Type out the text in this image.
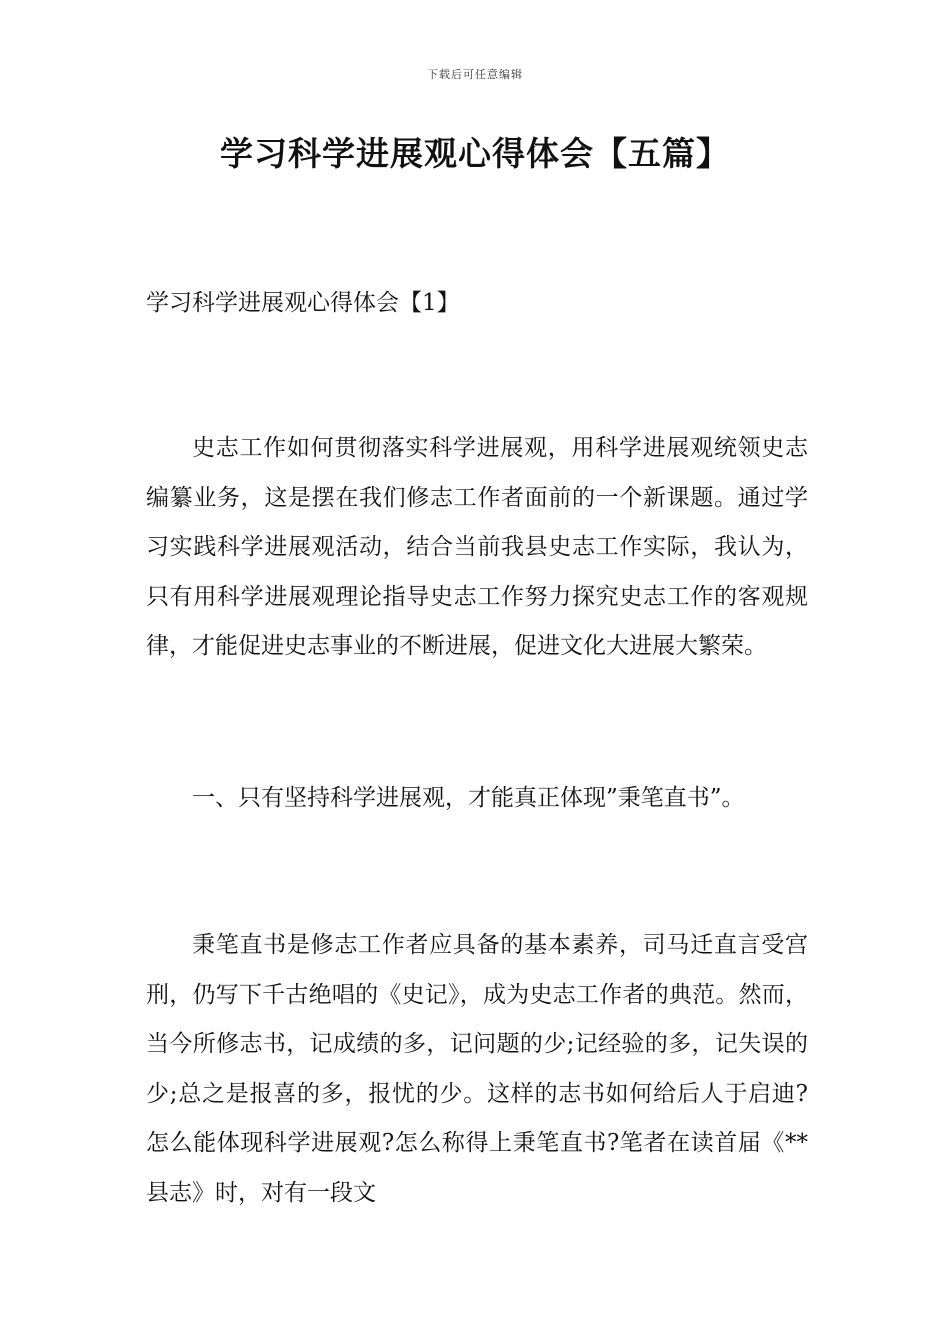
下载后可任意编辑
学习科学进展观心得体会【五篇】
学习科学进展观心得体会【1】

史志工作如何贯彻落实科学进展观，用科学进展观统领史志编纂业务，这是摆在我们修志工作者面前的一个新课题。通过学习实践科学进展观活动，结合当前我县史志工作实际，我认为，只有用科学进展观理论指导史志工作努力探究史志工作的客观规律，才能促进史志事业的不断进展，促进文化大进展大繁荣。

一、只有坚持科学进展观，才能真正体现”秉笔直书”。

秉笔直书是修志工作者应具备的基本素养，司马迁直言受宫刑，仍写下千古绝唱的《史记》，成为史志工作者的典范。然而，当今所修志书，记成绩的多，记问题的少;记经验的多，记失误的少;总之是报喜的多，报忧的少。这样的志书如何给后人于启迪?怎么能体现科学进展观?怎么称得上秉笔直书?笔者在读首届《**县志》时，对有一段文
